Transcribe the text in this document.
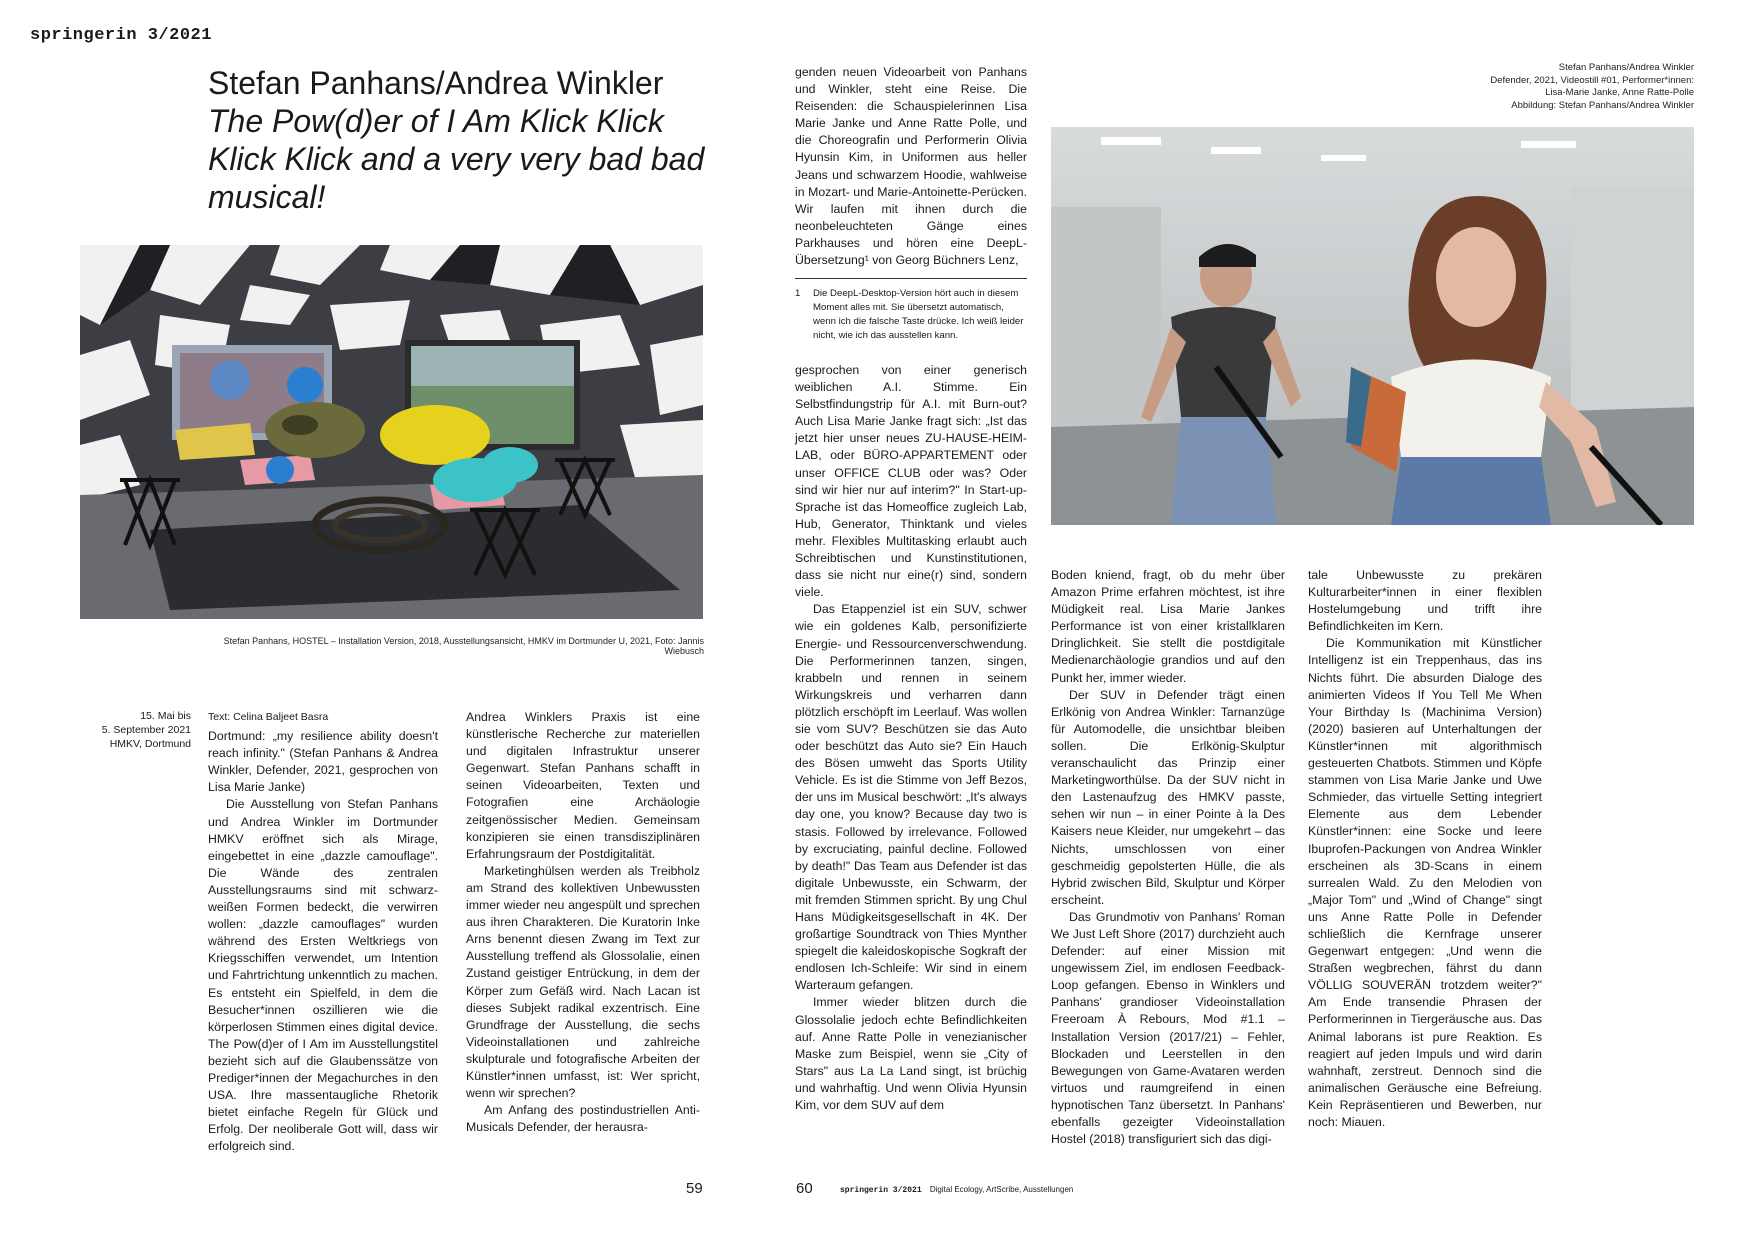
springerin 3/2021
Stefan Panhans/Andrea Winkler
The Pow(d)er of I Am Klick Klick Klick Klick and a very very bad bad musical!
Stefan Panhans, HOSTEL – Installation Version, 2018, Ausstellungsansicht, HMKV im Dortmunder U, 2021, Foto: Jannis Wiebusch
15. Mai bis
5. September 2021
HMKV, Dortmund
Text: Celina Baljeet Basra

Dortmund: „my resilience ability doesn't reach infinity." (Stefan Panhans & Andrea Winkler, Defender, 2021, gesprochen von Lisa Marie Janke)

Die Ausstellung von Stefan Panhans und Andrea Winkler im Dortmunder HMKV eröffnet sich als Mirage, eingebettet in eine „dazzle camouflage". Die Wände des zentralen Ausstellungsraums sind mit schwarz-weißen Formen bedeckt, die verwirren wollen: „dazzle camouflages" wurden während des Ersten Weltkriegs von Kriegsschiffen verwendet, um Intention und Fahrtrichtung unkenntlich zu machen. Es entsteht ein Spielfeld, in dem die Besucher*innen oszillieren wie die körperlosen Stimmen eines digital device. The Pow(d)er of I Am im Ausstellungstitel bezieht sich auf die Glaubenssätze von Prediger*innen der Megachurches in den USA. Ihre massentaugliche Rhetorik bietet einfache Regeln für Glück und Erfolg. Der neoliberale Gott will, dass wir erfolgreich sind.

Andrea Winklers Praxis ist eine künstlerische Recherche zur materiellen und digitalen Infrastruktur unserer Gegenwart. Stefan Panhans schafft in seinen Videoarbeiten, Texten und Fotografien eine Archäologie zeitgenössischer Medien. Gemeinsam konzipieren sie einen transdisziplinären Erfahrungsraum der Postdigitalität.

Marketinghülsen werden als Treibholz am Strand des kollektiven Unbewussten immer wieder neu angespült und sprechen aus ihren Charakteren. Die Kuratorin Inke Arns benennt diesen Zwang im Text zur Ausstellung treffend als Glossolalie, einen Zustand geistiger Entrückung, in dem der Körper zum Gefäß wird. Nach Lacan ist dieses Subjekt radikal exzentrisch. Eine Grundfrage der Ausstellung, die sechs Videoinstallationen und zahlreiche skulpturale und fotografische Arbeiten der Künstler*innen umfasst, ist: Wer spricht, wenn wir sprechen?

Am Anfang des postindustriellen Anti-Musicals Defender, der herausra-

genden neuen Videoarbeit von Panhans und Winkler, steht eine Reise. Die Reisenden: die Schauspielerinnen Lisa Marie Janke und Anne Ratte Polle, und die Choreografin und Performerin Olivia Hyunsin Kim, in Uniformen aus heller Jeans und schwarzem Hoodie, wahlweise in Mozart- und Marie-Antoinette-Perücken. Wir laufen mit ihnen durch die neonbeleuchteten Gänge eines Parkhauses und hören eine DeepL-Übersetzung¹ von Georg Büchners Lenz,

1 Die DeepL-Desktop-Version hört auch in diesem Moment alles mit. Sie übersetzt automatisch, wenn ich die falsche Taste drücke. Ich weiß leider nicht, wie ich das ausstellen kann.

gesprochen von einer generisch weiblichen A.I. Stimme. Ein Selbstfindungstrip für A.I. mit Burn-out? Auch Lisa Marie Janke fragt sich: „Ist das jetzt hier unser neues ZU-HAUSE-HEIM-LAB, oder BÜRO-APPARTEMENT oder unser OFFICE CLUB oder was? Oder sind wir hier nur auf interim?" In Start-up-Sprache ist das Homeoffice zugleich Lab, Hub, Generator, Thinktank und vieles mehr. Flexibles Multitasking erlaubt auch Schreibtischen und Kunstinstitutionen, dass sie nicht nur eine(r) sind, sondern viele.

Das Etappenziel ist ein SUV, schwer wie ein goldenes Kalb, personifizierte Energie- und Ressourcenverschwendung. Die Performerinnen tanzen, singen, krabbeln und rennen in seinem Wirkungskreis und verharren dann plötzlich erschöpft im Leerlauf. Was wollen sie vom SUV? Beschützen sie das Auto oder beschützt das Auto sie? Ein Hauch des Bösen umweht das Sports Utility Vehicle. Es ist die Stimme von Jeff Bezos, der uns im Musical beschwört: „It's always day one, you know? Because day two is stasis. Followed by irrelevance. Followed by excruciating, painful decline. Followed by death!" Das Team aus Defender ist das digitale Unbewusste, ein Schwarm, der mit fremden Stimmen spricht. By ung Chul Hans Müdigkeitsgesellschaft in 4K. Der großartige Soundtrack von Thies Mynther spiegelt die kaleidoskopische Sogkraft der endlosen Ich-Schleife: Wir sind in einem Warteraum gefangen.

Immer wieder blitzen durch die Glossolalie jedoch echte Befindlichkeiten auf. Anne Ratte Polle in venezianischer Maske zum Beispiel, wenn sie „City of Stars" aus La La Land singt, ist brüchig und wahrhaftig. Und wenn Olivia Hyunsin Kim, vor dem SUV auf dem

Stefan Panhans/Andrea Winkler
Defender, 2021, Videostill #01, Performer*innen:
Lisa-Marie Janke, Anne Ratte-Polle
Abbildung: Stefan Panhans/Andrea Winkler

Boden kniend, fragt, ob du mehr über Amazon Prime erfahren möchtest, ist ihre Müdigkeit real. Lisa Marie Jankes Performance ist von einer kristallklaren Dringlichkeit. Sie stellt die postdigitale Medienarchäologie grandios und auf den Punkt her, immer wieder.

Der SUV in Defender trägt einen Erlkönig von Andrea Winkler: Tarnanzüge für Automodelle, die unsichtbar bleiben sollen. Die Erlkönig-Skulptur veranschaulicht das Prinzip einer Marketingworthülse. Da der SUV nicht in den Lastenaufzug des HMKV passte, sehen wir nun – in einer Pointe à la Des Kaisers neue Kleider, nur umgekehrt – das Nichts, umschlossen von einer geschmeidig gepolsterten Hülle, die als Hybrid zwischen Bild, Skulptur und Körper erscheint.

Das Grundmotiv von Panhans' Roman We Just Left Shore (2017) durchzieht auch Defender: auf einer Mission mit ungewissem Ziel, im endlosen Feedback-Loop gefangen. Ebenso in Winklers und Panhans' grandioser Videoinstallation Freeroam À Rebours, Mod #1.1 – Installation Version (2017/21) – Fehler, Blockaden und Leerstellen in den Bewegungen von Game-Avataren werden virtuos und raumgreifend in einen hypnotischen Tanz übersetzt. In Panhans' ebenfalls gezeigter Videoinstallation Hostel (2018) transfiguriert sich das digi-

tale Unbewusste zu prekären Kulturarbeiter*innen in einer flexiblen Hostelumgebung und trifft ihre Befindlichkeiten im Kern.

Die Kommunikation mit Künstlicher Intelligenz ist ein Treppenhaus, das ins Nichts führt. Die absurden Dialoge des animierten Videos If You Tell Me When Your Birthday Is (Machinima Version) (2020) basieren auf Unterhaltungen der Künstler*innen mit algorithmisch gesteuerten Chatbots. Stimmen und Köpfe stammen von Lisa Marie Janke und Uwe Schmieder, das virtuelle Setting integriert Elemente aus dem Lebender Künstler*innen: eine Socke und leere Ibuprofen-Packungen von Andrea Winkler erscheinen als 3D-Scans in einem surrealen Wald. Zu den Melodien von „Major Tom" und „Wind of Change" singt uns Anne Ratte Polle in Defender schließlich die Kernfrage unserer Gegenwart entgegen: „Und wenn die Straßen wegbrechen, fährst du dann VÖLLIG SOUVERÄN trotzdem weiter?" Am Ende transendie Phrasen der Performerinnen in Tiergeräusche aus. Das Animal laborans ist pure Reaktion. Es reagiert auf jeden Impuls und wird darin wahnhaft, zerstreut. Dennoch sind die animalischen Geräusche eine Befreiung. Kein Repräsentieren und Bewerben, nur noch: Miauen.

59	60	springerin 3/2021 Digital Ecology, ArtScribe, Ausstellungen
